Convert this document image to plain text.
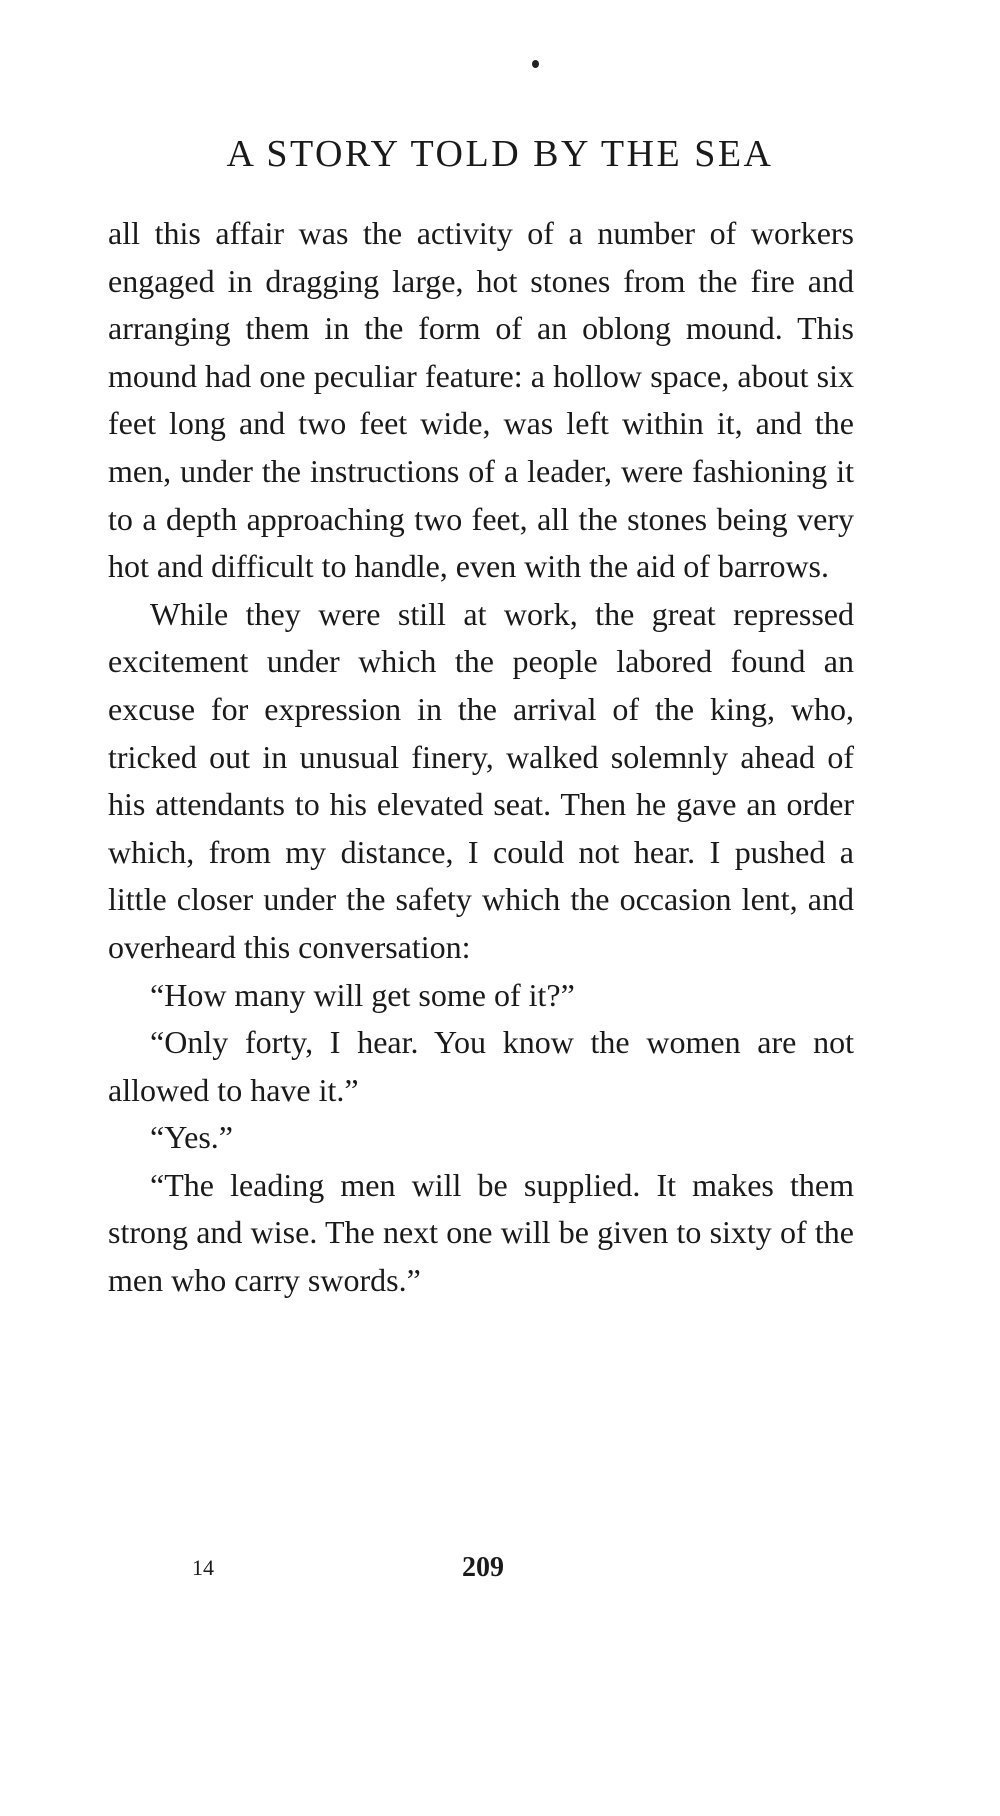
A STORY TOLD BY THE SEA

all this affair was the activity of a number of workers engaged in dragging large, hot stones from the fire and arranging them in the form of an oblong mound. This mound had one peculiar feature: a hollow space, about six feet long and two feet wide, was left within it, and the men, under the instructions of a leader, were fashioning it to a depth approaching two feet, all the stones being very hot and difficult to handle, even with the aid of barrows.

While they were still at work, the great repressed excitement under which the people labored found an excuse for expression in the arrival of the king, who, tricked out in unusual finery, walked solemnly ahead of his attendants to his elevated seat. Then he gave an order which, from my distance, I could not hear. I pushed a little closer under the safety which the occasion lent, and overheard this conversation:

“How many will get some of it?”

“Only forty, I hear. You know the women are not allowed to have it.”

“Yes.”

“The leading men will be supplied. It makes them strong and wise. The next one will be given to sixty of the men who carry swords.”

14	209
